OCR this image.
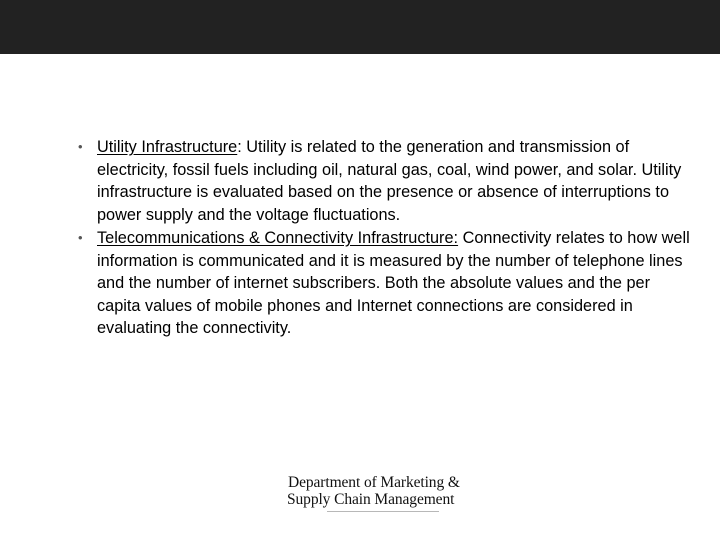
• Utility Infrastructure: Utility is related to the generation and transmission of electricity, fossil fuels including oil, natural gas, coal, wind power, and solar. Utility infrastructure is evaluated based on the presence or absence of interruptions to power supply and the voltage fluctuations.
• Telecommunications & Connectivity Infrastructure: Connectivity relates to how well information is communicated and it is measured by the number of telephone lines and the number of internet subscribers. Both the absolute values and the per capita values of mobile phones and Internet connections are considered in evaluating the connectivity.
Department of Marketing &
Supply Chain Management
